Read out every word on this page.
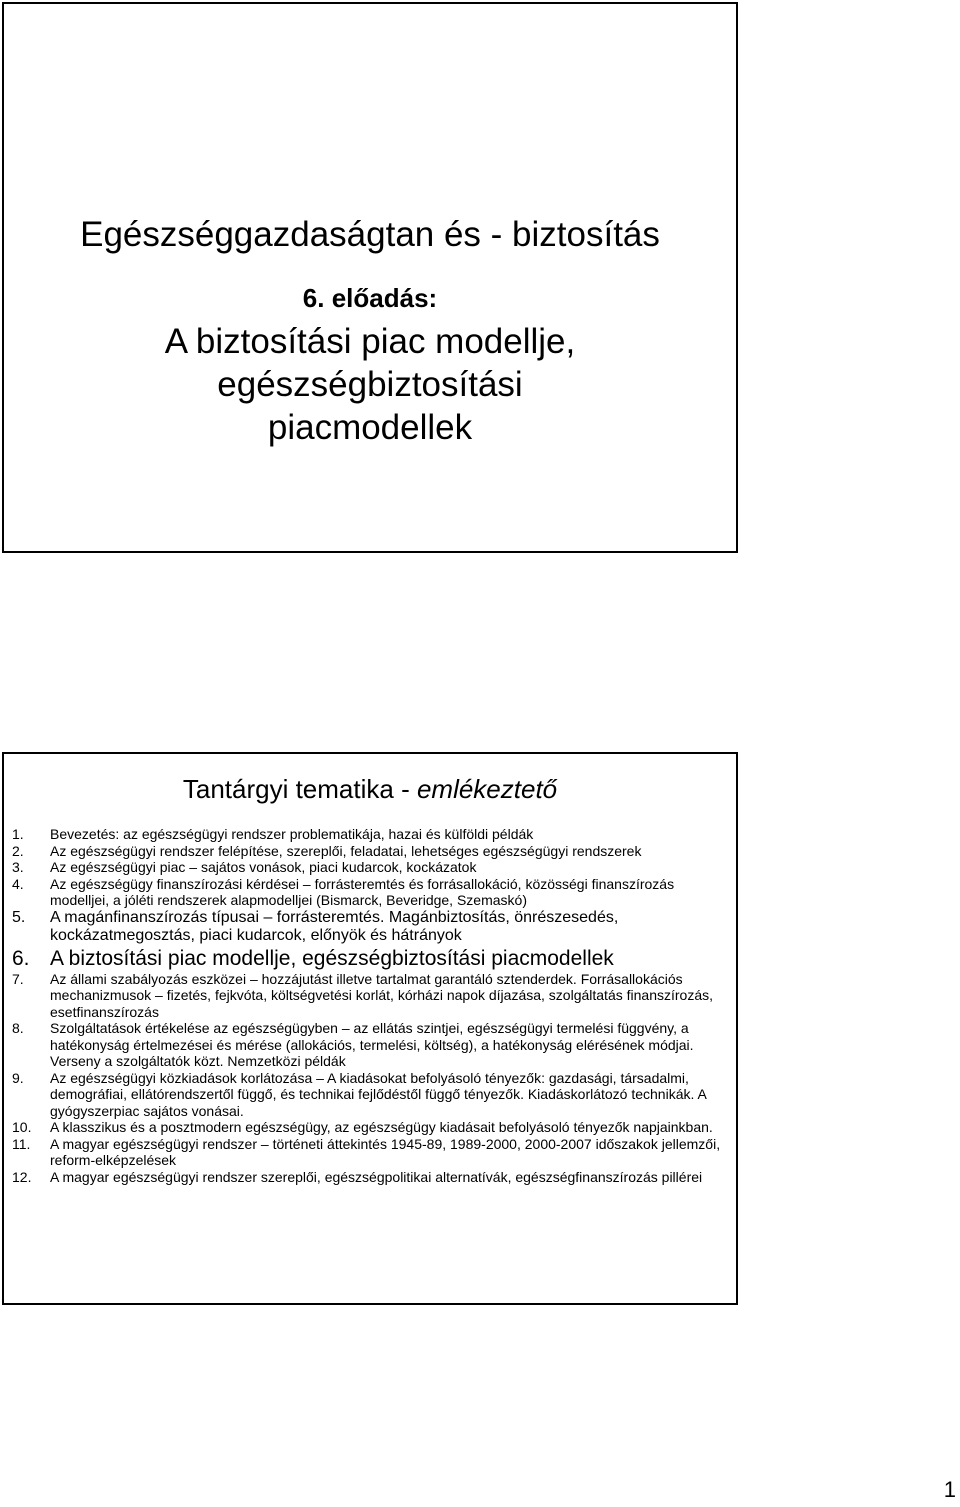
Egészséggazdaságtan és - biztosítás
6. előadás:
A biztosítási piac modellje,
egészségbiztosítási
piacmodellek
Tantárgyi tematika - emlékeztető
1.	Bevezetés: az egészségügyi rendszer problematikája, hazai és külföldi példák
2.	Az egészségügyi rendszer felépítése, szereplői, feladatai, lehetséges egészségügyi rendszerek
3.	Az egészségügyi piac – sajátos vonások, piaci kudarcok, kockázatok
4.	Az egészségügy finanszírozási kérdései – forrásteremtés és forrásallokáció, közösségi finanszírozás modelljei, a jóléti rendszerek alapmodelljei (Bismarck, Beveridge, Szemaskó)
5.	A magánfinanszírozás típusai – forrásteremtés. Magánbiztosítás, önrészesedés, kockázatmegosztás, piaci kudarcok, előnyök és hátrányok
6. A biztosítási piac modellje, egészségbiztosítási piacmodellek
7.	Az állami szabályozás eszközei – hozzájutást illetve tartalmat garantáló sztenderdek. Forrásallokációs mechanizmusok – fizetés, fejkvóta, költségvetési korlát, kórházi napok díjazása, szolgáltatás finanszírozás, esetfinanszírozás
8.	Szolgáltatások értékelése az egészségügyben – az ellátás szintjei, egészségügyi termelési függvény, a hatékonyság értelmezései és mérése (allokációs, termelési, költség), a hatékonyság elérésének módjai. Verseny a szolgáltatók közt. Nemzetközi példák
9.	Az egészségügyi közkiadások korlátozása – A kiadásokat befolyásoló tényezők: gazdasági, társadalmi, demográfiai, ellátórendszertől függő, és technikai fejlődéstől függő tényezők. Kiadáskorlátozó technikák. A gyógyszerpiac sajátos vonásai.
10.	A klasszikus és a posztmodern egészségügy, az egészségügy kiadásait befolyásoló tényezők napjainkban.
11.	A magyar egészségügyi rendszer – történeti áttekintés 1945-89, 1989-2000, 2000-2007 időszakok jellemzői, reform-elképzelések
12.	A magyar egészségügyi rendszer szereplői, egészségpolitikai alternatívák, egészségfinanszírozás pillérei
1
